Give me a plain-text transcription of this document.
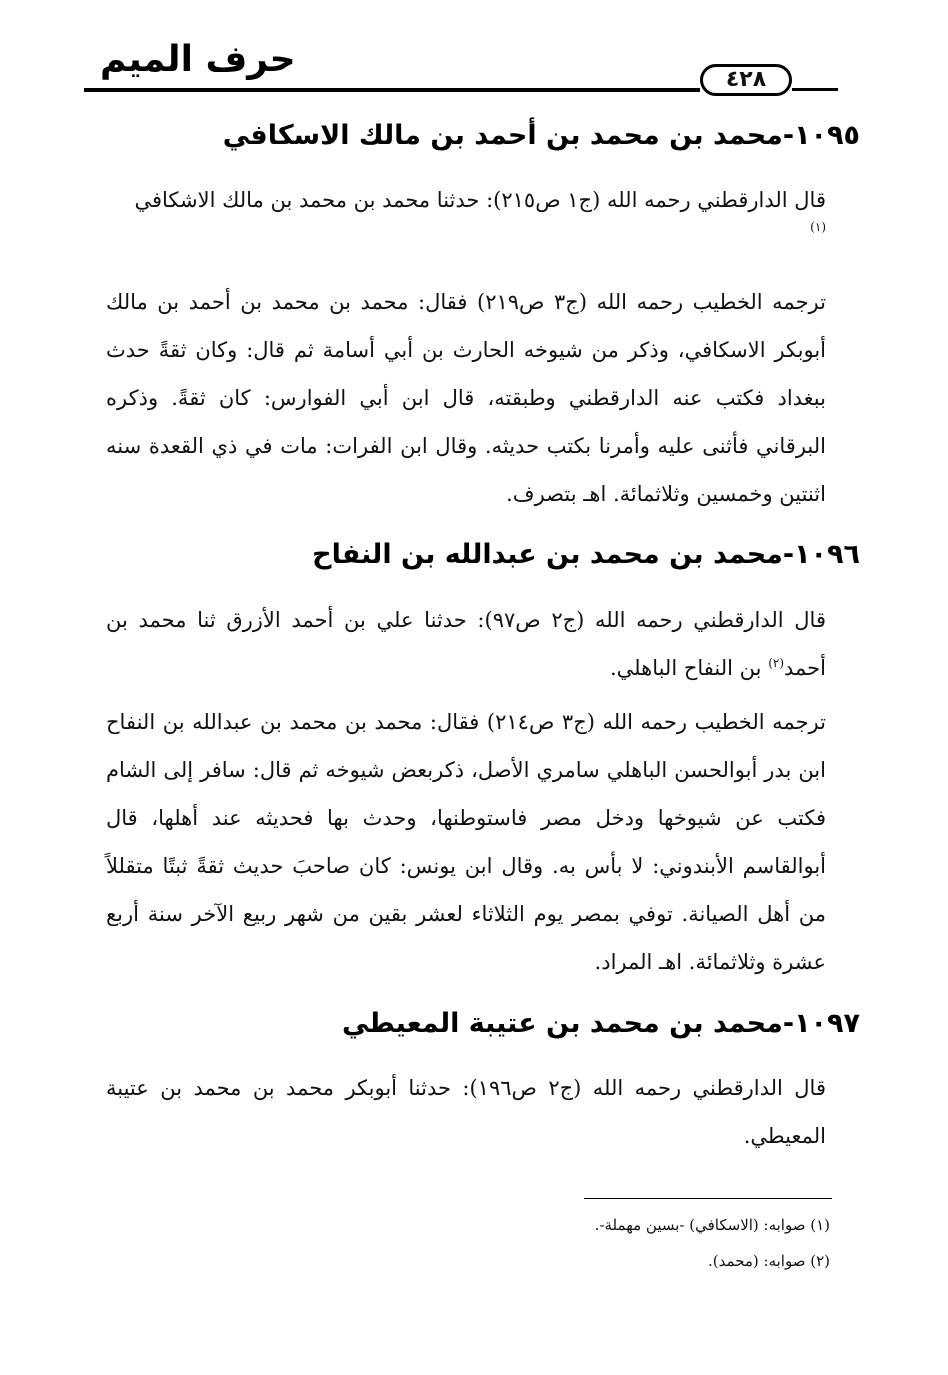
حرف الميم	٤٢٨
١٠٩٥-محمد بن محمد بن أحمد بن مالك الاسكافي
قال الدارقطني رحمه الله (ج١ ص٢١٥): حدثنا محمد بن محمد بن مالك الاشكافي
(١)
ترجمه الخطيب رحمه الله (ج٣ ص٢١٩) فقال: محمد بن محمد بن أحمد بن مالك أبوبكر الاسكافي، وذكر من شيوخه الحارث بن أبي أسامة ثم قال: وكان ثقةً حدث ببغداد فكتب عنه الدارقطني وطبقته، قال ابن أبي الفوارس: كان ثقةً. وذكره البرقاني فأثنى عليه وأمرنا بكتب حديثه. وقال ابن الفرات: مات في ذي القعدة سنه اثنتين وخمسين وثلاثمائة. اهـ بتصرف.
١٠٩٦-محمد بن محمد بن عبدالله بن النفاح
قال الدارقطني رحمه الله (ج٢ ص٩٧): حدثنا علي بن أحمد الأزرق ثنا محمد بن أحمد$^{(٢)}$ بن النفاح الباهلي.
ترجمه الخطيب رحمه الله (ج٣ ص٢١٤) فقال: محمد بن محمد بن عبدالله بن النفاح ابن بدر أبوالحسن الباهلي سامري الأصل، ذكربعض شيوخه ثم قال: سافر إلى الشام فكتب عن شيوخها ودخل مصر فاستوطنها، وحدث بها فحديثه عند أهلها، قال أبوالقاسم الأبندوني: لا بأس به. وقال ابن يونس: كان صاحبَ حديث ثقةً ثبتًا متقللاً من أهل الصيانة. توفي بمصر يوم الثلاثاء لعشر بقين من شهر ربيع الآخر سنة أربع عشرة وثلاثمائة. اهـ المراد.
١٠٩٧-محمد بن محمد بن عتيبة المعيطي
قال الدارقطني رحمه الله (ج٢ ص١٩٦): حدثنا أبوبكر محمد بن محمد بن عتيبة المعيطي.
(١) صوابه: (الاسكافي) -بسين مهملة-.
(٢) صوابه: (محمد).
